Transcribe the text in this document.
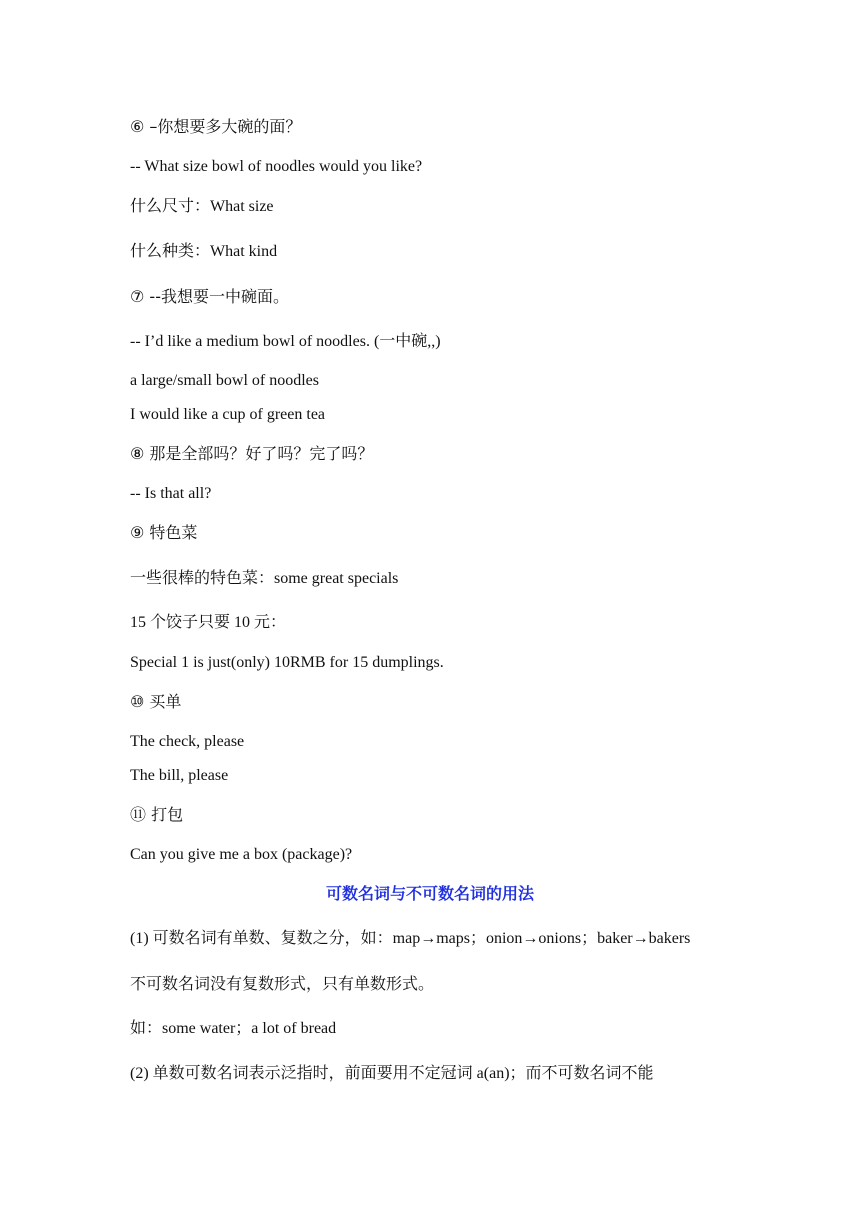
⑥ –你想要多大碗的面？
-- What size bowl of noodles would you like?
什么尺寸：What size
什么种类：What kind
⑦ --我想要一中碗面。
-- I’d like a medium bowl of noodles. (一中碗,,)
a large/small bowl of noodles
I would like a cup of green tea
⑧ 那是全部吗？好了吗？完了吗？
-- Is that all?
⑨ 特色菜
一些很棒的特色菜：some great specials
15 个饺子只要 10 元：
Special 1 is just(only) 10RMB for 15 dumplings.
⑩ 买单
The check, please
The bill, please
⑪ 打包
Can you give me a box (package)?
可数名词与不可数名词的用法
(1) 可数名词有单数、复数之分，如：map→maps；onion→onions；baker→bakers
不可数名词没有复数形式，只有单数形式。
如：some water；a lot of bread
(2) 单数可数名词表示泛指时，前面要用不定冠词 a(an)；而不可数名词不能
